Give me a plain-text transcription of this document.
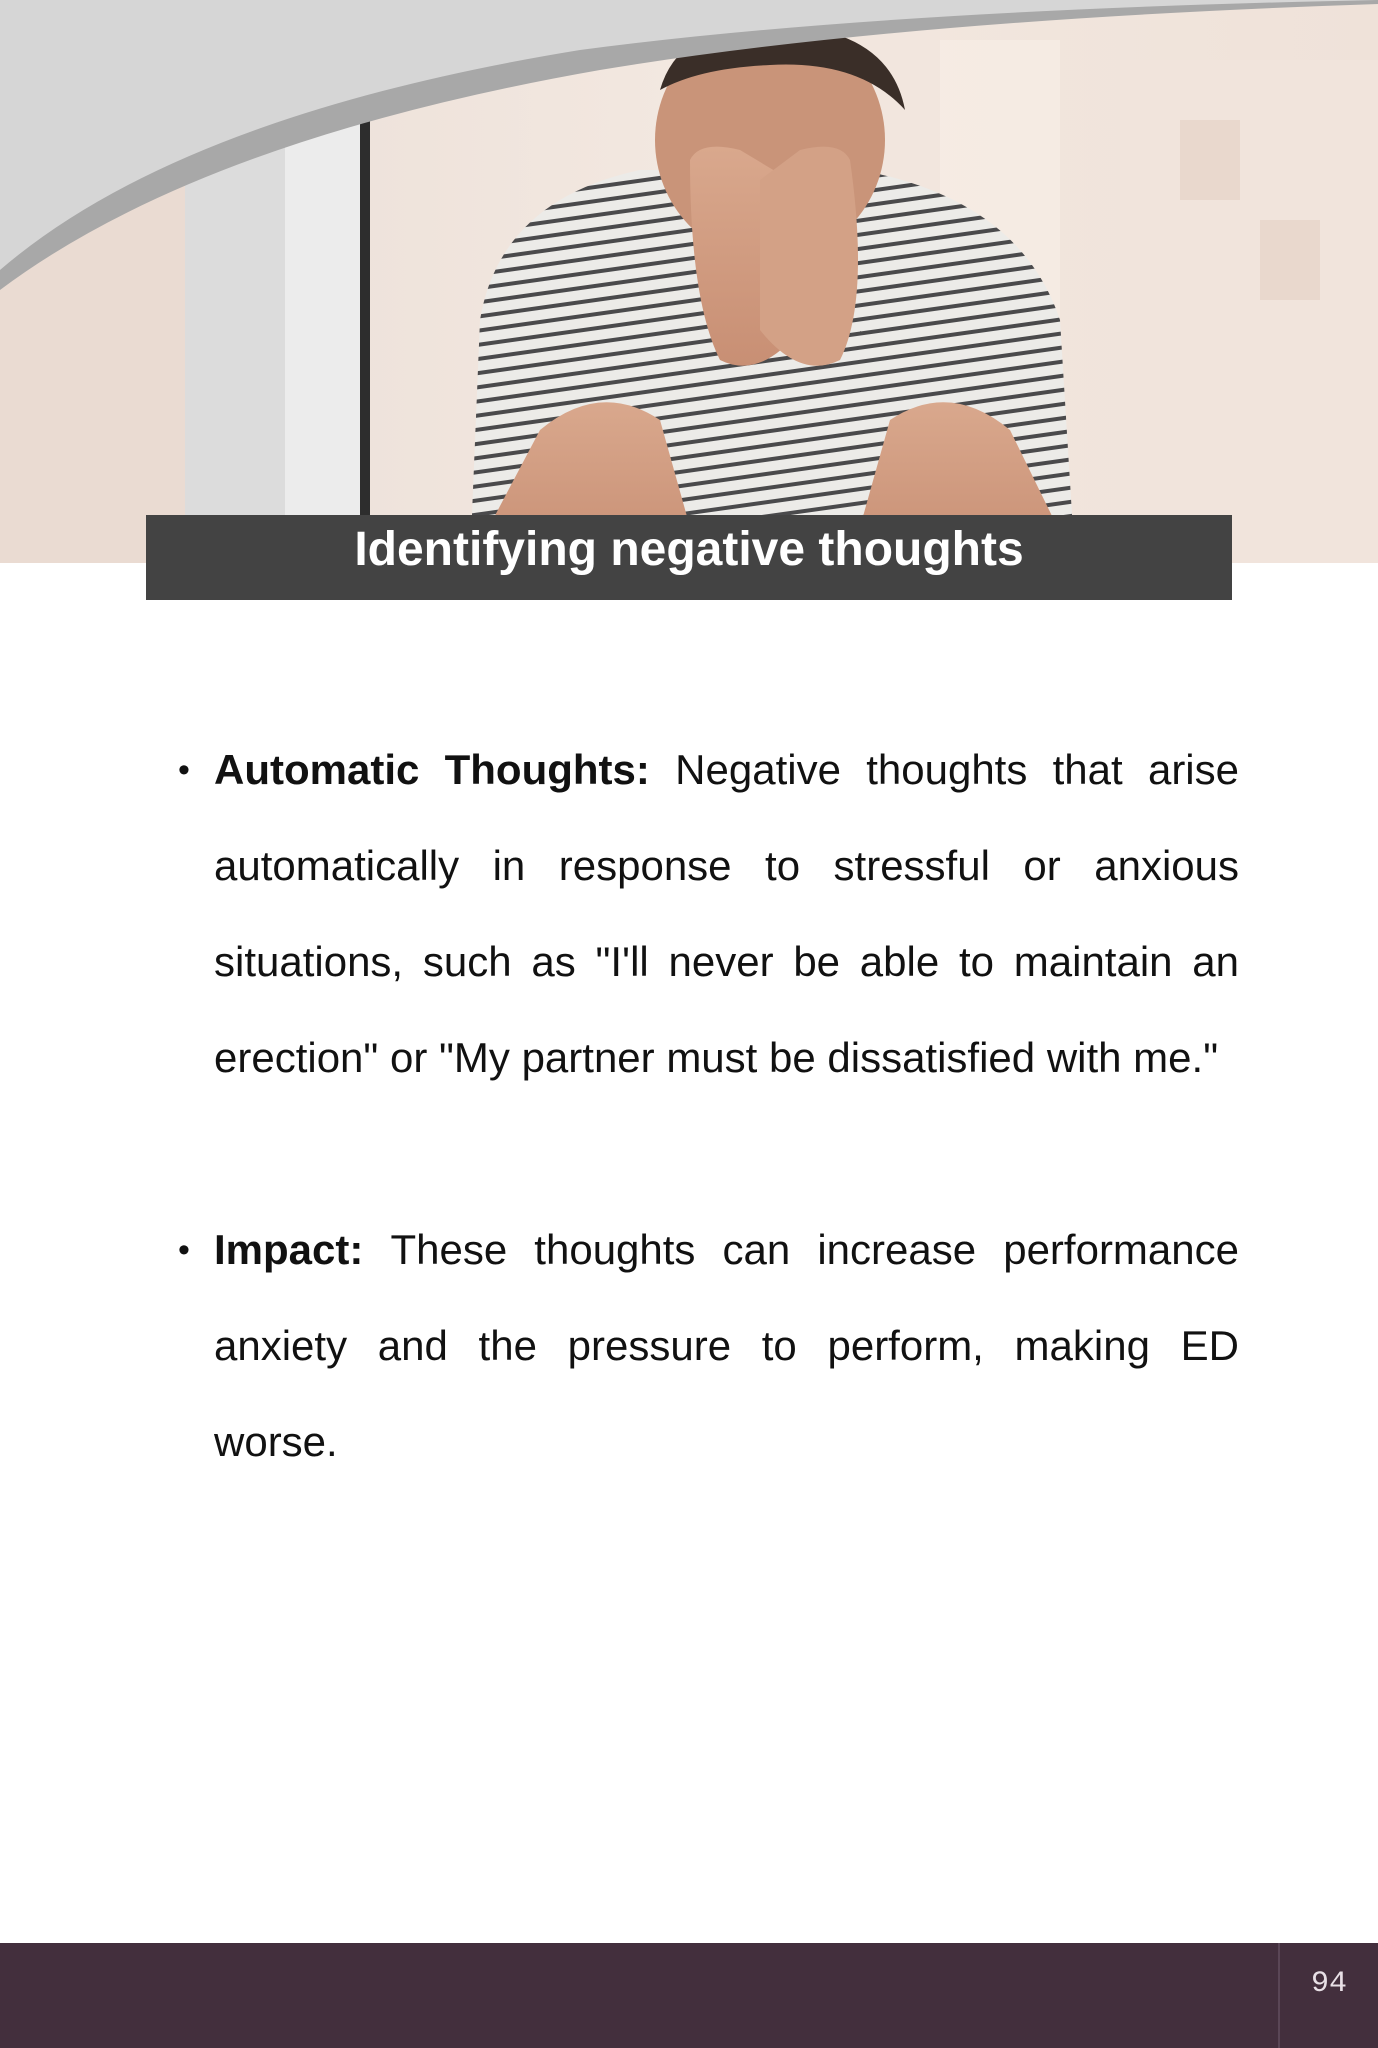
Identifying negative thoughts
• Automatic Thoughts: Negative thoughts that arise automatically in response to stressful or anxious situations, such as "I'll never be able to maintain an erection" or "My partner must be dissatisfied with me."
• Impact: These thoughts can increase performance anxiety and the pressure to perform, making ED worse.
94
